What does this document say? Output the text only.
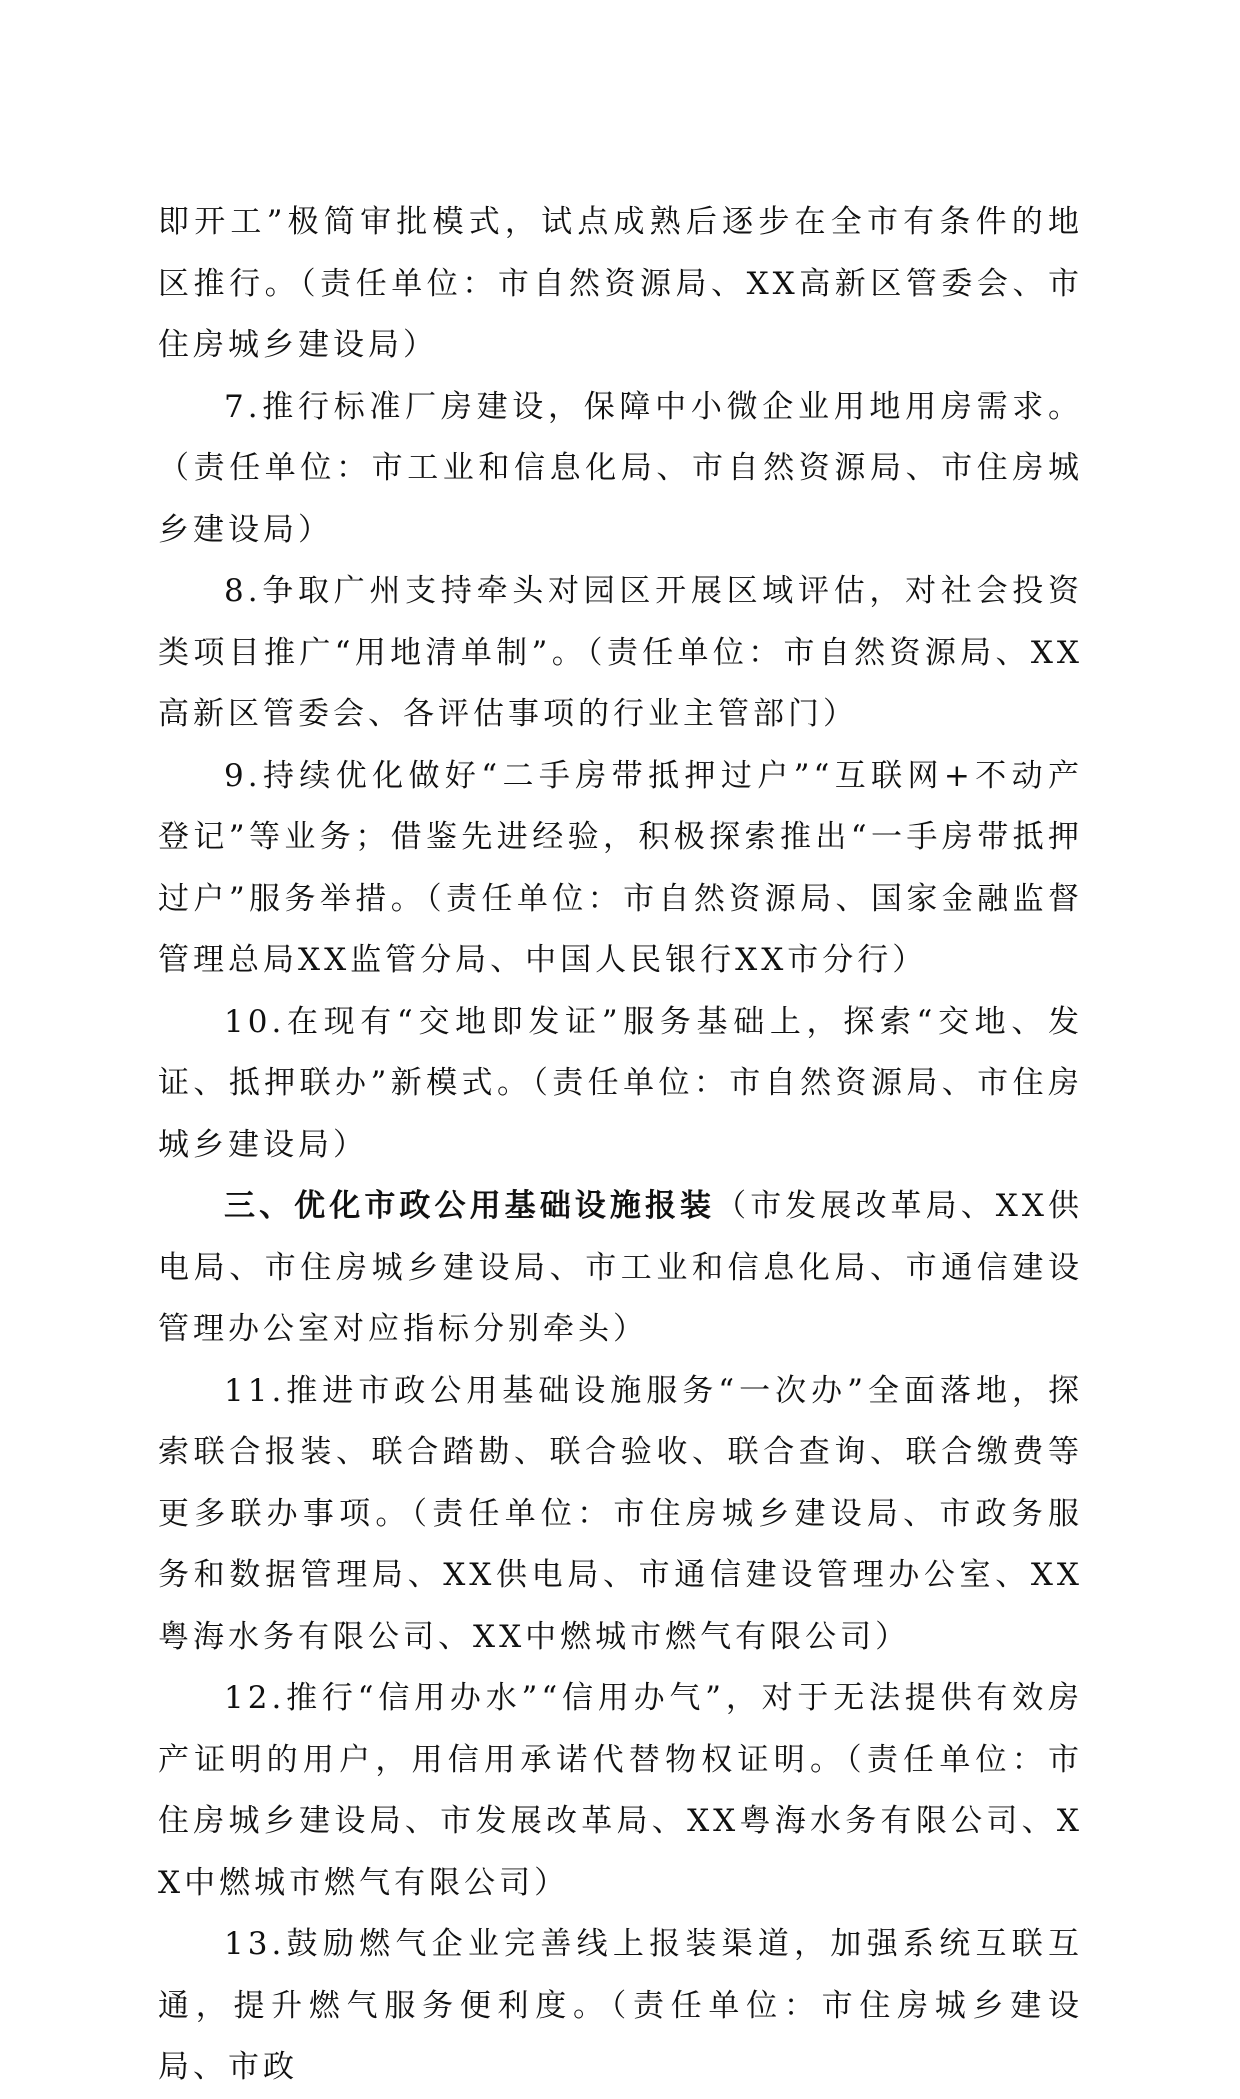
即开工”极简审批模式，试点成熟后逐步在全市有条件的地区推行。（责任单位：市自然资源局、XX高新区管委会、市住房城乡建设局）

7.推行标准厂房建设，保障中小微企业用地用房需求。（责任单位：市工业和信息化局、市自然资源局、市住房城乡建设局）

8.争取广州支持牵头对园区开展区域评估，对社会投资类项目推广“用地清单制”。（责任单位：市自然资源局、XX高新区管委会、各评估事项的行业主管部门）

9.持续优化做好“二手房带抵押过户”“互联网+不动产登记”等业务；借鉴先进经验，积极探索推出“一手房带抵押过户”服务举措。（责任单位：市自然资源局、国家金融监督管理总局XX监管分局、中国人民银行XX市分行）

10.在现有“交地即发证”服务基础上，探索“交地、发证、抵押联办”新模式。（责任单位：市自然资源局、市住房城乡建设局）

三、优化市政公用基础设施报装（市发展改革局、XX供电局、市住房城乡建设局、市工业和信息化局、市通信建设管理办公室对应指标分别牵头）

11.推进市政公用基础设施服务“一次办”全面落地，探索联合报装、联合踏勘、联合验收、联合查询、联合缴费等更多联办事项。（责任单位：市住房城乡建设局、市政务服务和数据管理局、XX供电局、市通信建设管理办公室、XX粤海水务有限公司、XX中燃城市燃气有限公司）

12.推行“信用办水”“信用办气”，对于无法提供有效房产证明的用户，用信用承诺代替物权证明。（责任单位：市住房城乡建设局、市发展改革局、XX粤海水务有限公司、XX中燃城市燃气有限公司）

13.鼓励燃气企业完善线上报装渠道，加强系统互联互通，提升燃气服务便利度。（责任单位：市住房城乡建设局、市政
